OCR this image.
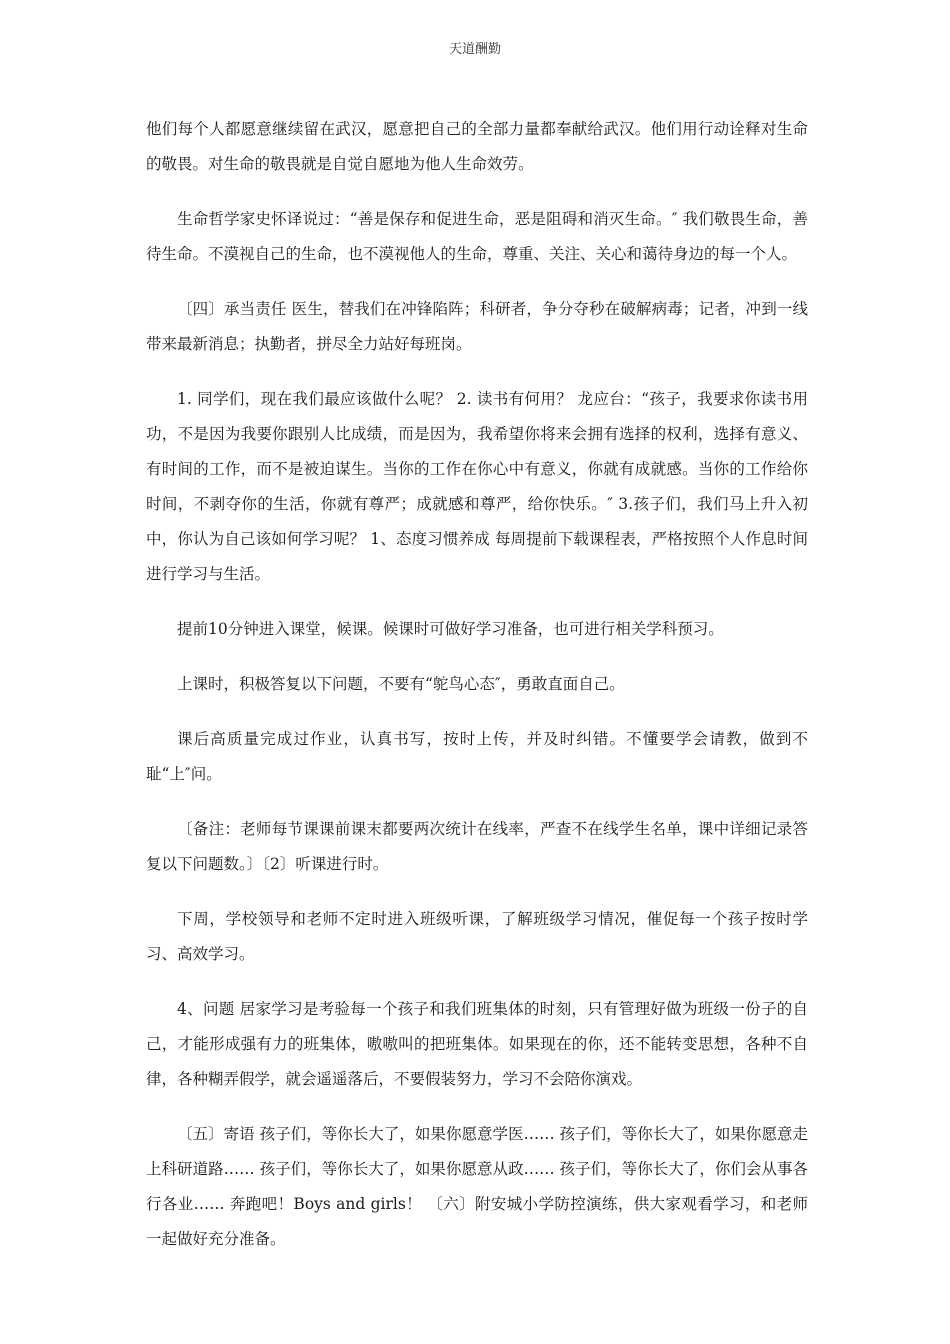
天道酬勤

他们每个人都愿意继续留在武汉，愿意把自己的全部力量都奉献给武汉。他们用行动诠释对生命的敬畏。对生命的敬畏就是自觉自愿地为他人生命效劳。

生命哲学家史怀译说过：“善是保存和促进生命，恶是阻碍和消灭生命。″ 我们敬畏生命，善待生命。不漠视自己的生命，也不漠视他人的生命，尊重、关注、关心和蔼待身边的每一个人。

〔四〕承当责任 医生，替我们在冲锋陷阵；科研者，争分夺秒在破解病毒；记者，冲到一线带来最新消息；执勤者，拼尽全力站好每班岗。

1. 同学们，现在我们最应该做什么呢？ 2. 读书有何用？ 龙应台：“孩子，我要求你读书用功，不是因为我要你跟别人比成绩，而是因为，我希望你将来会拥有选择的权利，选择有意义、有时间的工作，而不是被迫谋生。当你的工作在你心中有意义，你就有成就感。当你的工作给你时间，不剥夺你的生活，你就有尊严；成就感和尊严，给你快乐。″ 3.孩子们，我们马上升入初中，你认为自己该如何学习呢？ 1、态度习惯养成 每周提前下载课程表，严格按照个人作息时间进行学习与生活。

提前10分钟进入课堂，候课。候课时可做好学习准备，也可进行相关学科预习。

上课时，积极答复以下问题，不要有“鸵鸟心态″，勇敢直面自己。

课后高质量完成过作业，认真书写，按时上传，并及时纠错。不懂要学会请教，做到不耻“上″问。

〔备注：老师每节课课前课末都要两次统计在线率，严查不在线学生名单，课中详细记录答复以下问题数。〕〔2〕听课进行时。

下周，学校领导和老师不定时进入班级听课，了解班级学习情况，催促每一个孩子按时学习、高效学习。

4、问题 居家学习是考验每一个孩子和我们班集体的时刻，只有管理好做为班级一份子的自己，才能形成强有力的班集体，嗷嗷叫的把班集体。如果现在的你，还不能转变思想，各种不自律，各种糊弄假学，就会遥遥落后，不要假装努力，学习不会陪你演戏。

〔五〕寄语 孩子们，等你长大了，如果你愿意学医…… 孩子们，等你长大了，如果你愿意走上科研道路…… 孩子们，等你长大了，如果你愿意从政…… 孩子们，等你长大了，你们会从事各行各业…… 奔跑吧！Boys and girls！ 〔六〕附安城小学防控演练，供大家观看学习，和老师一起做好充分准备。
